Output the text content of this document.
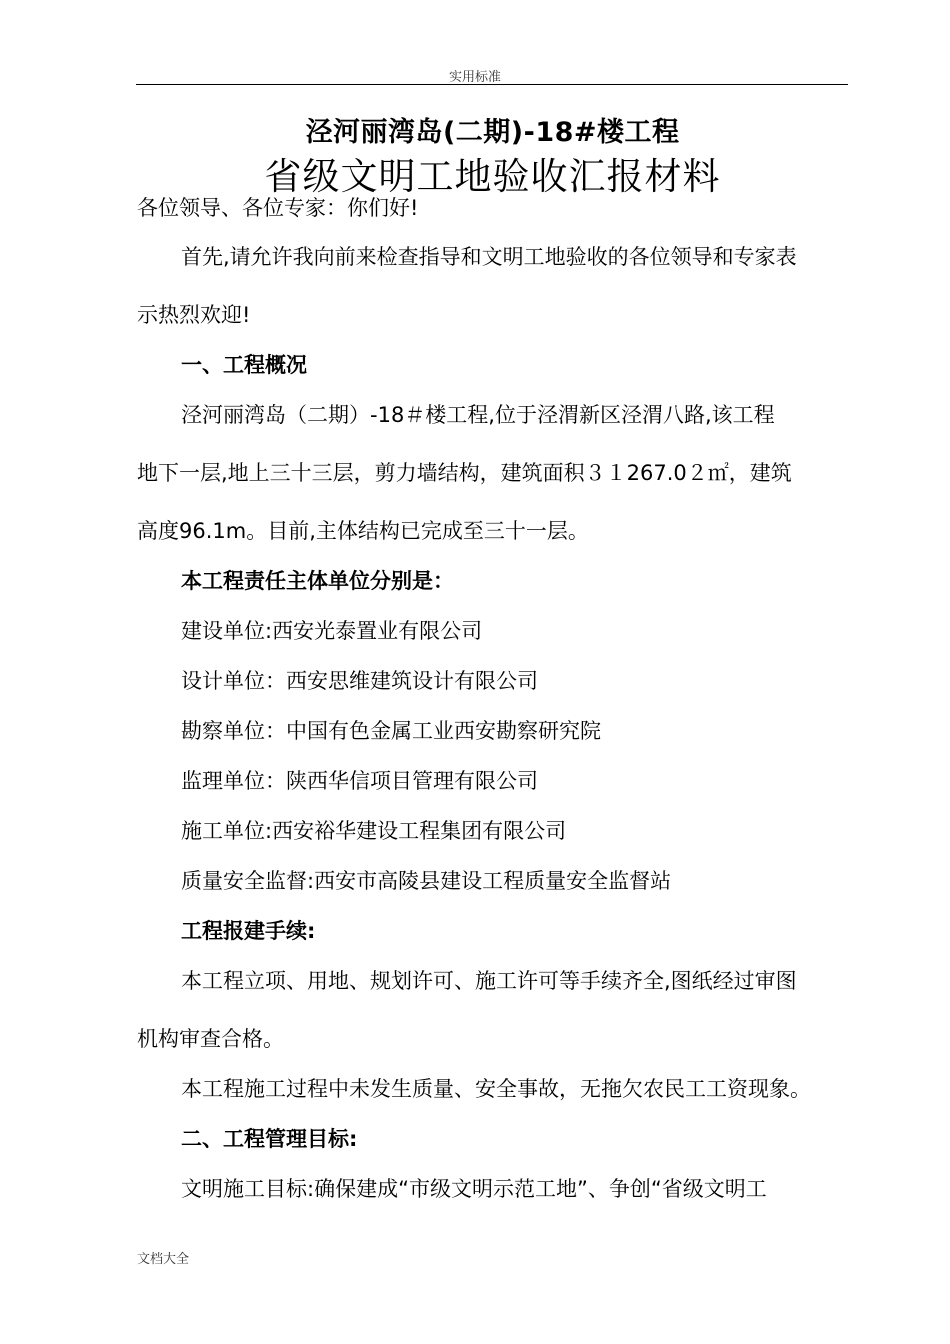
实用标准
泾河丽湾岛(二期)-18#楼工程
省级文明工地验收汇报材料
各位领导、各位专家：你们好!
首先,请允许我向前来检查指导和文明工地验收的各位领导和专家表
示热烈欢迎!
一、工程概况
泾河丽湾岛（二期）-18＃楼工程,位于泾渭新区泾渭八路,该工程
地下一层,地上三十三层，剪力墙结构，建筑面积３１267.0２㎡，建筑
高度96.1m。目前,主体结构已完成至三十一层。
本工程责任主体单位分别是：
建设单位:西安光泰置业有限公司
设计单位：西安思维建筑设计有限公司
勘察单位：中国有色金属工业西安勘察研究院
监理单位：陕西华信项目管理有限公司
施工单位:西安裕华建设工程集团有限公司
质量安全监督:西安市高陵县建设工程质量安全监督站
工程报建手续:
本工程立项、用地、规划许可、施工许可等手续齐全,图纸经过审图
机构审查合格。
本工程施工过程中未发生质量、安全事故，无拖欠农民工工资现象。
二、工程管理目标:
文明施工目标:确保建成“市级文明示范工地”、争创“省级文明工
文档大全
